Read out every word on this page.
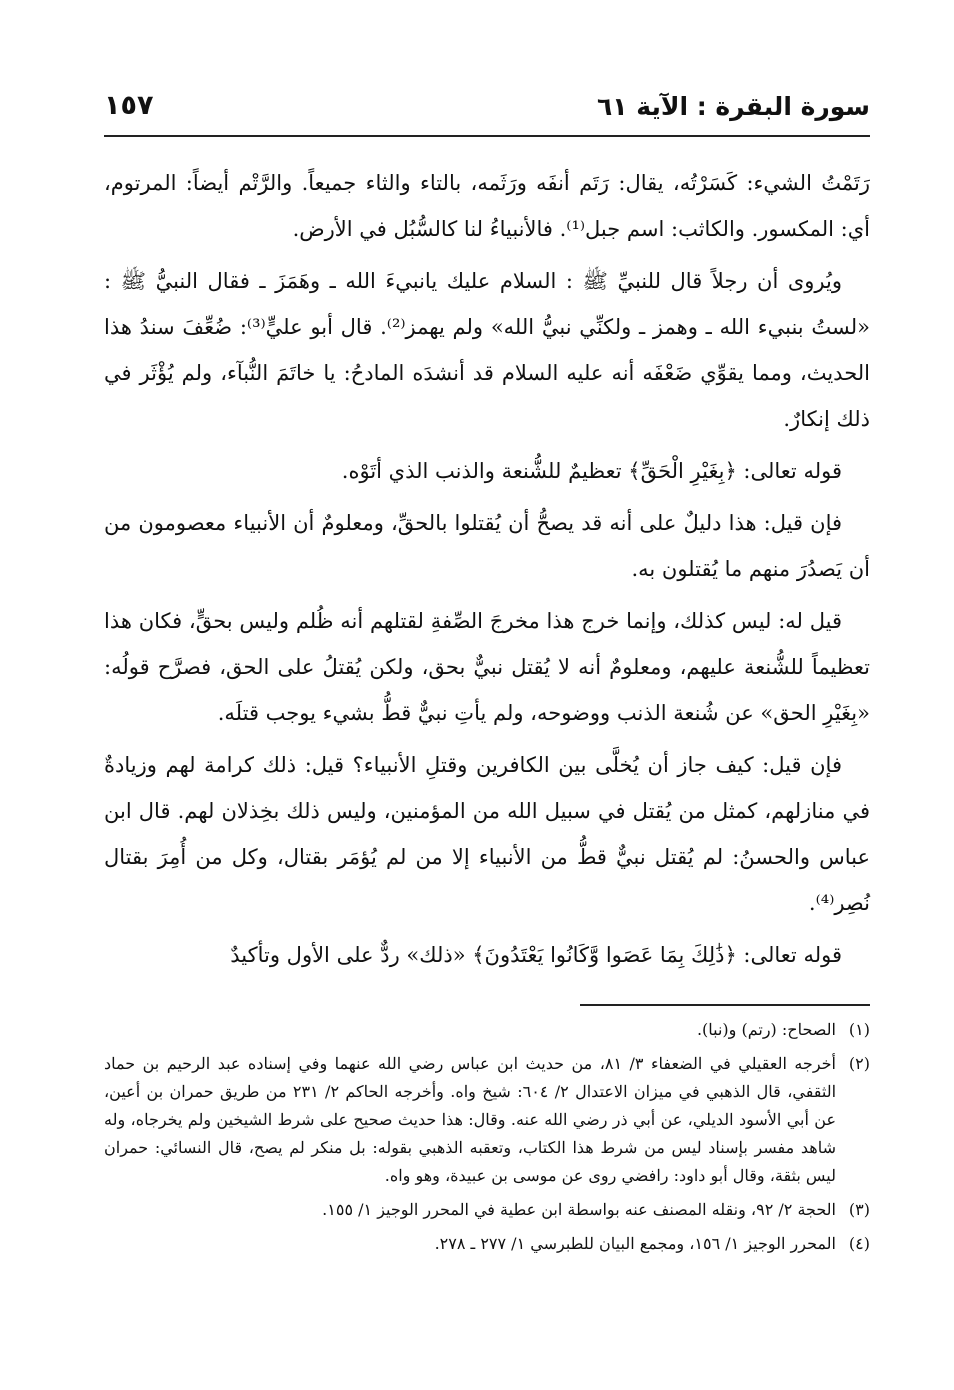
سورة البقرة : الآية ٦١
١٥٧

رَتَمْتُ الشيء: كَسَرْتُه، يقال: رَتَم أنفَه ورَثَمه، بالتاء والثاء جميعاً. والرَّتْم أيضاً: المرتوم، أي: المكسور. والكاثب: اسم جبل⁽¹⁾. فالأنبياءُ لنا كالسُّبُل في الأرض.

ويُروى أن رجلاً قال للنبيِّ ﷺ : السلام عليك يانبيءَ الله ـ وهَمَزَ ـ فقال النبيُّ ﷺ : «لستُ بنبيء الله ـ وهمز ـ ولكنِّي نبيُّ الله» ولم يهمز⁽²⁾. قال أبو عليٍّ⁽³⁾: ضُعِّفَ سندُ هذا الحديث، ومما يقوِّي ضَعْفَه أنه عليه السلام قد أنشدَه المادحُ: يا خاتَمَ النُّبآء، ولم يُؤْثَر في ذلك إنكارٌ.

قوله تعالى: ﴿بِغَيْرِ الْحَقِّ﴾ تعظيمٌ للشُّنعة والذنب الذي أتَوْه.

فإن قيل: هذا دليلٌ على أنه قد يصحُّ أن يُقتلوا بالحقِّ، ومعلومٌ أن الأنبياء معصومون من أن يَصدُرَ منهم ما يُقتلون به.

قيل له: ليس كذلك، وإنما خرج هذا مخرجَ الصِّفةِ لقتلهم أنه ظُلم وليس بحقٍّ، فكان هذا تعظيماً للشُّنعة عليهم، ومعلومٌ أنه لا يُقتل نبيٌّ بحق، ولكن يُقتلُ على الحق، فصرَّح قولُه: «بِغَيْرِ الحق» عن شُنعة الذنب ووضوحه، ولم يأتِ نبيٌّ قطُّ بشيء يوجب قتلَه.

فإن قيل: كيف جاز أن يُخلَّى بين الكافرين وقتلِ الأنبياء؟ قيل: ذلك كرامة لهم وزيادةٌ في منازلهم، كمثل من يُقتل في سبيل الله من المؤمنين، وليس ذلك بخِذلان لهم. قال ابن عباس والحسنُ: لم يُقتل نبيٌّ قطُّ من الأنبياء إلا من لم يُؤمَر بقتال، وكل من أُمِرَ بقتال نُصِر⁽⁴⁾.

قوله تعالى: ﴿ذَٰلِكَ بِمَا عَصَوا وَّكَانُوا يَعْتَدُونَ﴾ «ذلك» ردٌّ على الأول وتأكيدٌ

(١)
الصحاح: (رتم) و(نبا).
(٢)
أخرجه العقيلي في الضعفاء ٣/ ٨١، من حديث ابن عباس رضي الله عنهما وفي إسناده عبد الرحيم بن حماد الثقفي، قال الذهبي في ميزان الاعتدال ٢/ ٦٠٤: شيخ واه. وأخرجه الحاكم ٢/ ٢٣١ من طريق حمران بن أعين، عن أبي الأسود الديلي، عن أبي ذر رضي الله عنه. وقال: هذا حديث صحيح على شرط الشيخين ولم يخرجاه، وله شاهد مفسر بإسناد ليس من شرط هذا الكتاب، وتعقبه الذهبي بقوله: بل منكر لم يصح، قال النسائي: حمران ليس بثقة، وقال أبو داود: رافضي روى عن موسى بن عبيدة، وهو واه.
(٣)
الحجة ٢/ ٩٢، ونقله المصنف عنه بواسطة ابن عطية في المحرر الوجيز ١/ ١٥٥.
(٤)
المحرر الوجيز ١/ ١٥٦، ومجمع البيان للطبرسي ١/ ٢٧٧ ـ ٢٧٨.
